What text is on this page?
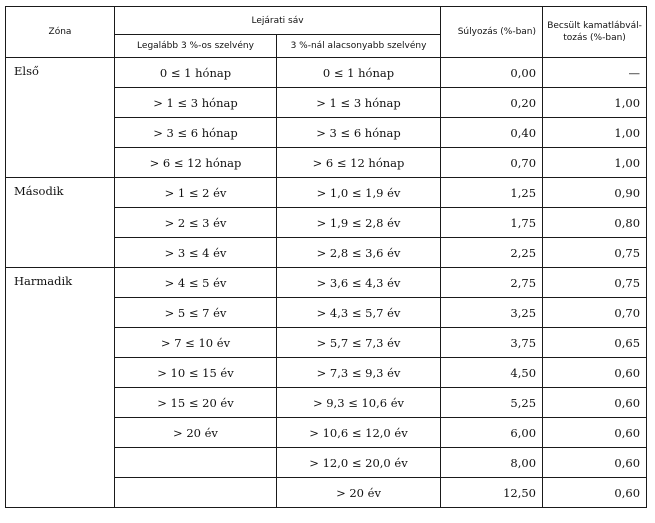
Zóna	Lejárati sáv		Súlyozás (%-ban)	Becsült kamatlábvál-
tozás (%-ban)
	Legalább 3 %-os szelvény	3 %-nál alacsonyabb szelvény		
Első	0 ≤ 1 hónap	0 ≤ 1 hónap	0,00	—
	> 1 ≤ 3 hónap	> 1 ≤ 3 hónap	0,20	1,00
	> 3 ≤ 6 hónap	> 3 ≤ 6 hónap	0,40	1,00
	> 6 ≤ 12 hónap	> 6 ≤ 12 hónap	0,70	1,00
Második	> 1 ≤ 2 év	> 1,0 ≤ 1,9 év	1,25	0,90
	> 2 ≤ 3 év	> 1,9 ≤ 2,8 év	1,75	0,80
	> 3 ≤ 4 év	> 2,8 ≤ 3,6 év	2,25	0,75
Harmadik	> 4 ≤ 5 év	> 3,6 ≤ 4,3 év	2,75	0,75
	> 5 ≤ 7 év	> 4,3 ≤ 5,7 év	3,25	0,70
	> 7 ≤ 10 év	> 5,7 ≤ 7,3 év	3,75	0,65
	> 10 ≤ 15 év	> 7,3 ≤ 9,3 év	4,50	0,60
	> 15 ≤ 20 év	> 9,3 ≤ 10,6 év	5,25	0,60
	> 20 év	> 10,6 ≤ 12,0 év	6,00	0,60
		> 12,0 ≤ 20,0 év	8,00	0,60
		> 20 év	12,50	0,60
